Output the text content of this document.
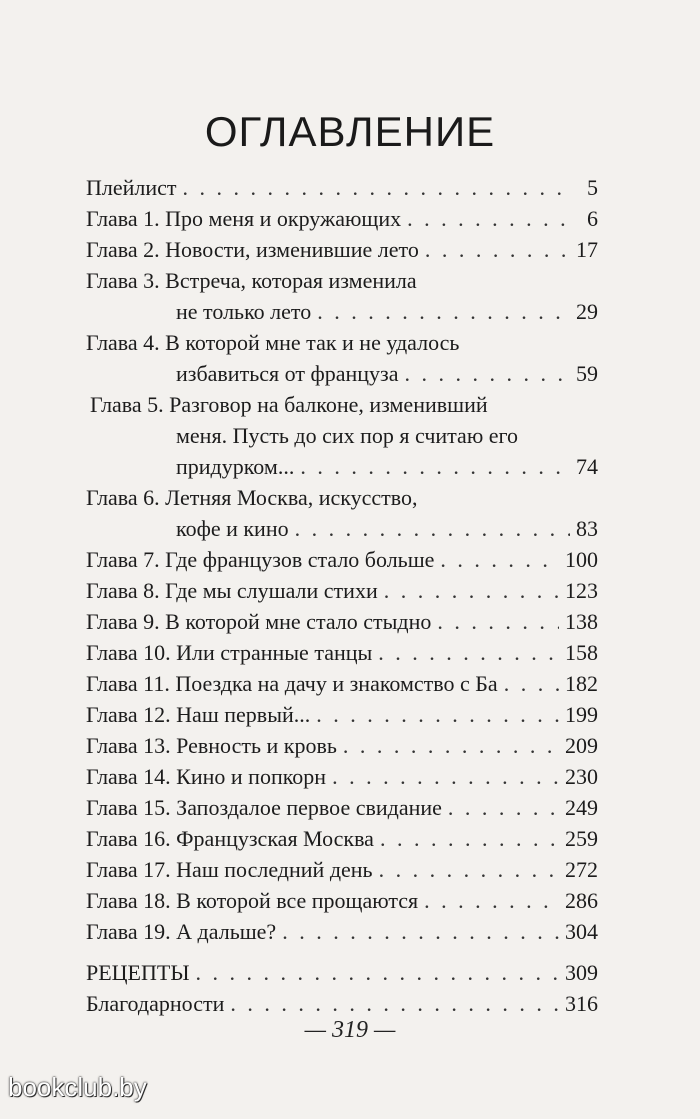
ОГЛАВЛЕНИЕ
Плейлист . . .	5
Глава 1. Про меня и окружающих . . .	6
Глава 2. Новости, изменившие лето . . .	17
Глава 3. Встреча, которая изменила
не только лето . . .	29
Глава 4. В которой мне так и не удалось
избавиться от француза . . .	59
Глава 5. Разговор на балконе, изменивший
меня. Пусть до сих пор я считаю его
придурком... . . .	74
Глава 6. Летняя Москва, искусство,
кофе и кино . . .	83
Глава 7. Где французов стало больше . . .	100
Глава 8. Где мы слушали стихи . . .	123
Глава 9. В которой мне стало стыдно . . .	138
Глава 10. Или странные танцы . . .	158
Глава 11. Поездка на дачу и знакомство с Ба . . .	182
Глава 12. Наш первый... . . .	199
Глава 13. Ревность и кровь . . .	209
Глава 14. Кино и попкорн . . .	230
Глава 15. Запоздалое первое свидание . . .	249
Глава 16. Французская Москва . . .	259
Глава 17. Наш последний день . . .	272
Глава 18. В которой все прощаются . . .	286
Глава 19. А дальше? . . .	304
РЕЦЕПТЫ . . .	309
Благодарности . . .	316
— 319 —
bookclub.by
